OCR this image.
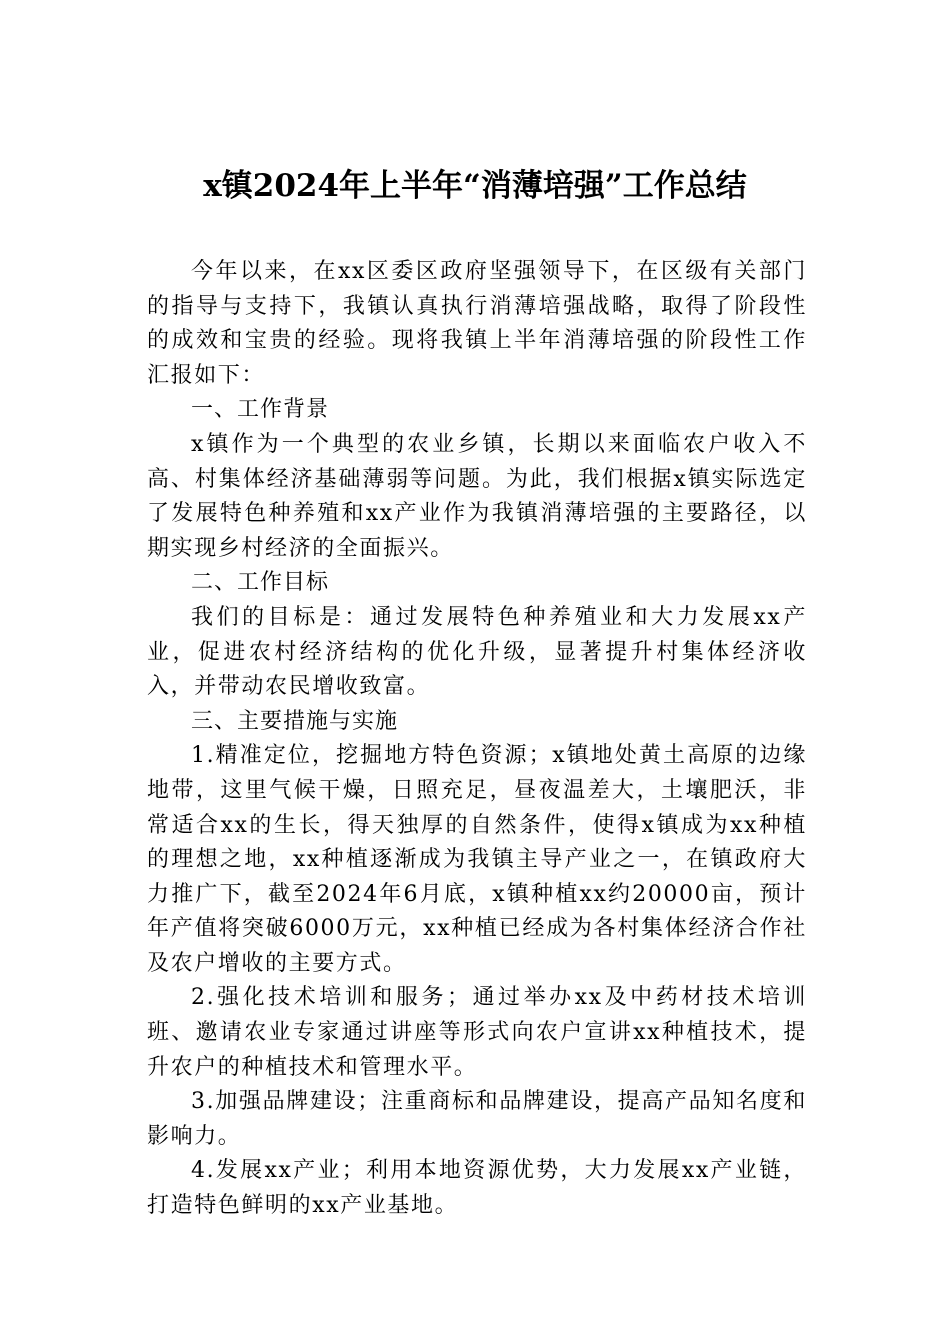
x镇2024年上半年“消薄培强”工作总结

今年以来，在xx区委区政府坚强领导下，在区级有关部门的指导与支持下，我镇认真执行消薄培强战略，取得了阶段性的成效和宝贵的经验。现将我镇上半年消薄培强的阶段性工作汇报如下：

一、工作背景

x镇作为一个典型的农业乡镇，长期以来面临农户收入不高、村集体经济基础薄弱等问题。为此，我们根据x镇实际选定了发展特色种养殖和xx产业作为我镇消薄培强的主要路径，以期实现乡村经济的全面振兴。

二、工作目标

我们的目标是：通过发展特色种养殖业和大力发展xx产业，促进农村经济结构的优化升级，显著提升村集体经济收入，并带动农民增收致富。

三、主要措施与实施

1.精准定位，挖掘地方特色资源；x镇地处黄土高原的边缘地带，这里气候干燥，日照充足，昼夜温差大，土壤肥沃，非常适合xx的生长，得天独厚的自然条件，使得x镇成为xx种植的理想之地，xx种植逐渐成为我镇主导产业之一，在镇政府大力推广下，截至2024年6月底，x镇种植xx约20000亩，预计年产值将突破6000万元，xx种植已经成为各村集体经济合作社及农户增收的主要方式。

2.强化技术培训和服务；通过举办xx及中药材技术培训班、邀请农业专家通过讲座等形式向农户宣讲xx种植技术，提升农户的种植技术和管理水平。

3.加强品牌建设；注重商标和品牌建设，提高产品知名度和影响力。

4.发展xx产业；利用本地资源优势，大力发展xx产业链，打造特色鲜明的xx产业基地。
